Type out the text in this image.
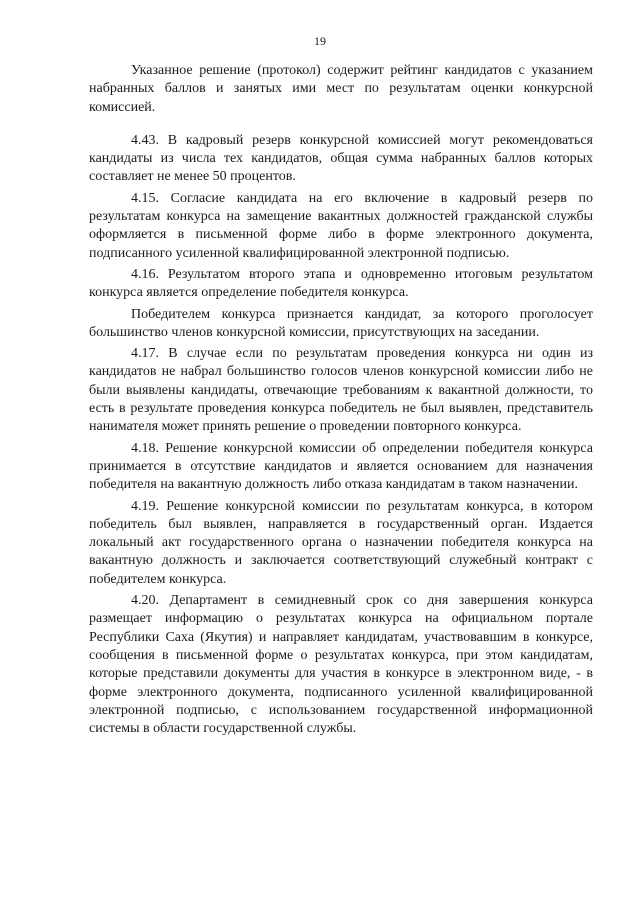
19

Указанное решение (протокол) содержит рейтинг кандидатов с указанием набранных баллов и занятых ими мест по результатам оценки конкурсной комиссией.

4.43. В кадровый резерв конкурсной комиссией могут рекомендоваться кандидаты из числа тех кандидатов, общая сумма набранных баллов которых составляет не менее 50 процентов.

4.15. Согласие кандидата на его включение в кадровый резерв по результатам конкурса на замещение вакантных должностей гражданской службы оформляется в письменной форме либо в форме электронного документа, подписанного усиленной квалифицированной электронной подписью.

4.16. Результатом второго этапа и одновременно итоговым результатом конкурса является определение победителя конкурса.

Победителем конкурса признается кандидат, за которого проголосует большинство членов конкурсной комиссии, присутствующих на заседании.

4.17. В случае если по результатам проведения конкурса ни один из кандидатов не набрал большинство голосов членов конкурсной комиссии либо не были выявлены кандидаты, отвечающие требованиям к вакантной должности, то есть в результате проведения конкурса победитель не был выявлен, представитель нанимателя может принять решение о проведении повторного конкурса.

4.18. Решение конкурсной комиссии об определении победителя конкурса принимается в отсутствие кандидатов и является основанием для назначения победителя на вакантную должность либо отказа кандидатам в таком назначении.

4.19. Решение конкурсной комиссии по результатам конкурса, в котором победитель был выявлен, направляется в государственный орган. Издается локальный акт государственного органа о назначении победителя конкурса на вакантную должность и заключается соответствующий служебный контракт с победителем конкурса.

4.20. Департамент в семидневный срок со дня завершения конкурса размещает информацию о результатах конкурса на официальном портале Республики Саха (Якутия) и направляет кандидатам, участвовавшим в конкурсе, сообщения в письменной форме о результатах конкурса, при этом кандидатам, которые представили документы для участия в конкурсе в электронном виде, - в форме электронного документа, подписанного усиленной квалифицированной электронной подписью, с использованием государственной информационной системы в области государственной службы.
